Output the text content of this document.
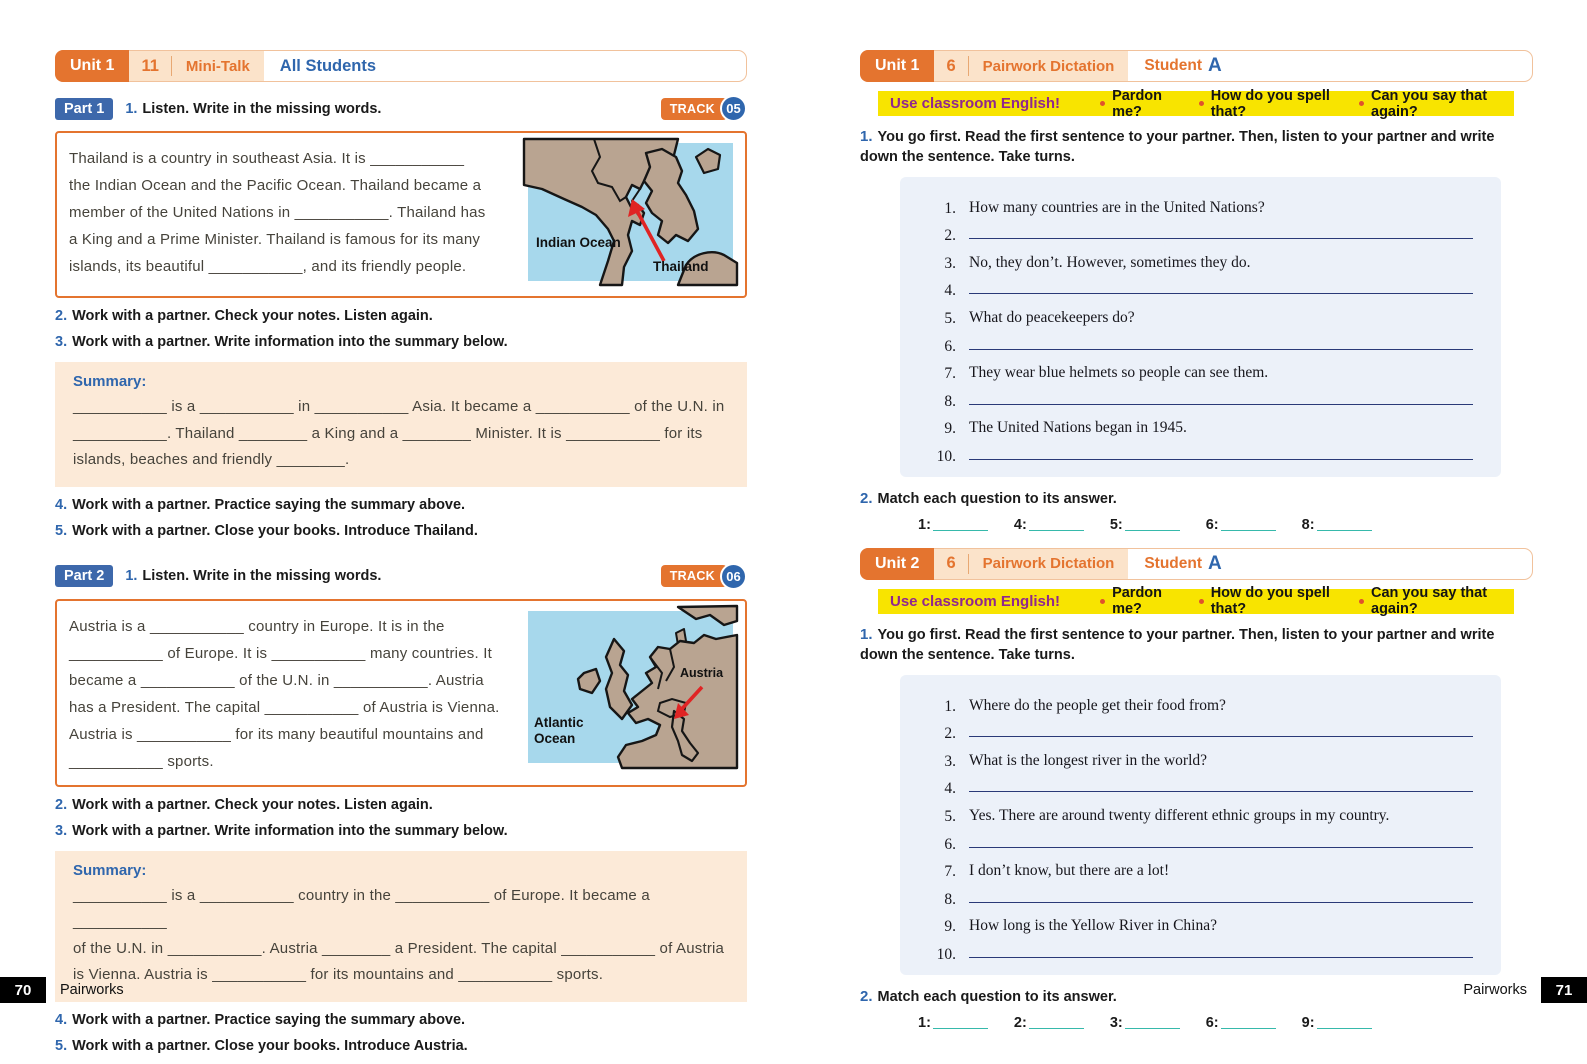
Unit 1	11	Mini-Talk	All Students
Part 1	1. Listen. Write in the missing words.	TRACK 05
Thailand is a country in southeast Asia. It is ___________
the Indian Ocean and the Pacific Ocean. Thailand became a
member of the United Nations in ___________. Thailand has
a King and a Prime Minister. Thailand is famous for its many
islands, its beautiful ___________, and its friendly people.
Indian Ocean
Thailand
2. Work with a partner. Check your notes. Listen again.
3. Work with a partner. Write information into the summary below.
Summary:
___________ is a ___________ in ___________ Asia. It became a ___________ of the U.N. in
___________. Thailand ________ a King and a ________ Minister. It is ___________ for its
islands, beaches and friendly ________.
4. Work with a partner. Practice saying the summary above.
5. Work with a partner. Close your books. Introduce Thailand.
Part 2	1. Listen. Write in the missing words.	TRACK 06
Austria is a ___________ country in Europe. It is in the
___________ of Europe. It is ___________ many countries. It
became a ___________ of the U.N. in ___________. Austria
has a President. The capital ___________ of Austria is Vienna.
Austria is ___________ for its many beautiful mountains and
___________ sports.
Atlantic
Ocean
Austria
2. Work with a partner. Check your notes. Listen again.
3. Work with a partner. Write information into the summary below.
Summary:
___________ is a ___________ country in the ___________ of Europe. It became a ___________
of the U.N. in ___________. Austria ________ a President. The capital ___________ of Austria
is Vienna. Austria is ___________ for its mountains and ___________ sports.
4. Work with a partner. Practice saying the summary above.
5. Work with a partner. Close your books. Introduce Austria.
Unit 1	6	Pairwork Dictation	Student A
Use classroom English!	Pardon me?
How do you spell that?
Can you say that again?
1. You go first. Read the first sentence to your partner. Then, listen to your partner and write down the sentence. Take turns.
1. How many countries are in the United Nations?
2.
3. No, they don’t. However, sometimes they do.
4.
5. What do peacekeepers do?
6.
7. They wear blue helmets so people can see them.
8.
9. The United Nations began in 1945.
10.
2. Match each question to its answer.
1:	4:	5:	6:	8:
Unit 2	6	Pairwork Dictation	Student A
Use classroom English!	Pardon me?
How do you spell that?
Can you say that again?
1. You go first. Read the first sentence to your partner. Then, listen to your partner and write down the sentence. Take turns.
1. Where do the people get their food from?
2.
3. What is the longest river in the world?
4.
5. Yes. There are around twenty different ethnic groups in my country.
6.
7. I don’t know, but there are a lot!
8.
9. How long is the Yellow River in China?
10.
2. Match each question to its answer.
1:	2:	3:	6:	9:
70	Pairworks	Pairworks	71
